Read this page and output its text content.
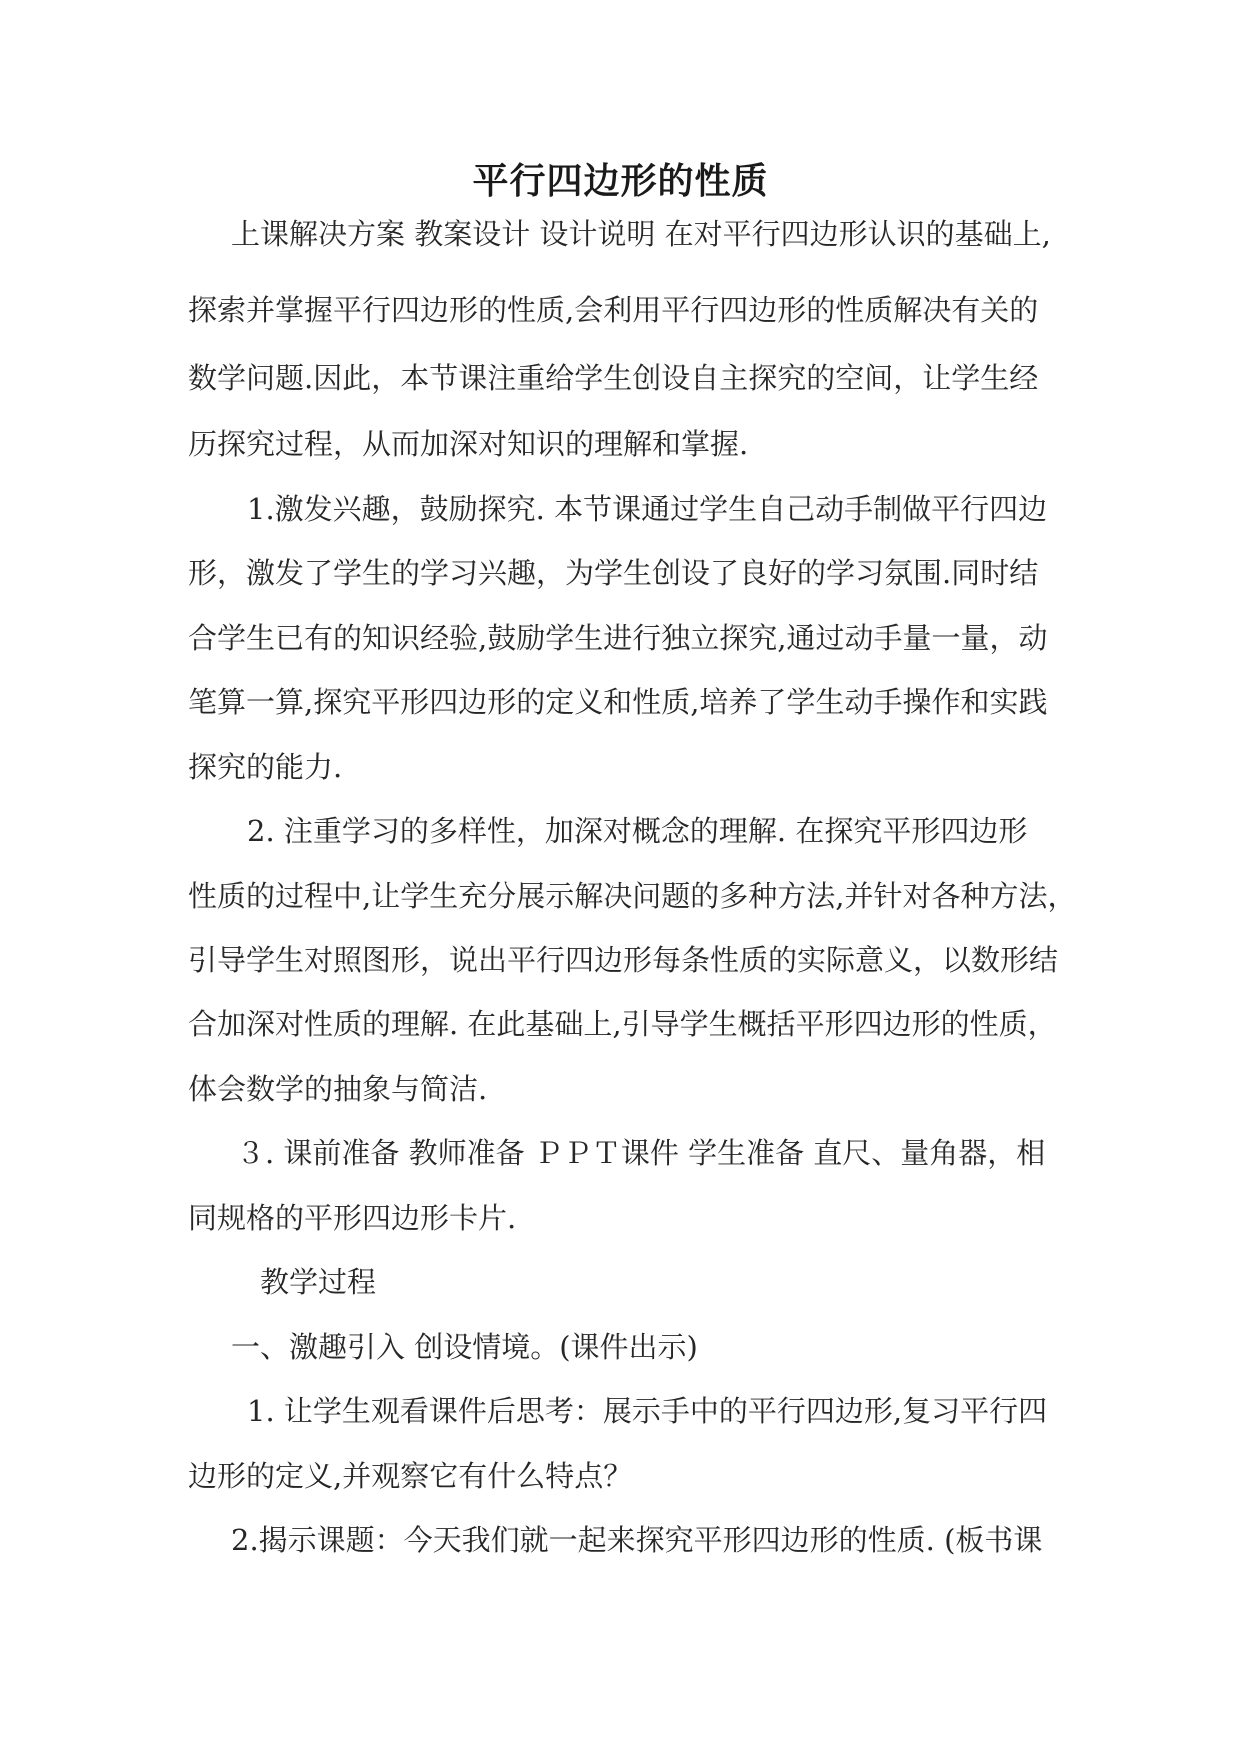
平行四边形的性质
上课解决方案 教案设计 设计说明 在对平行四边形认识的基础上,
探索并掌握平行四边形的性质,会利用平行四边形的性质解决有关的
数学问题.因此，本节课注重给学生创设自主探究的空间，让学生经
历探究过程，从而加深对知识的理解和掌握.
1.激发兴趣，鼓励探究. 本节课通过学生自己动手制做平行四边
形，激发了学生的学习兴趣，为学生创设了良好的学习氛围.同时结
合学生已有的知识经验,鼓励学生进行独立探究,通过动手量一量，动
笔算一算,探究平形四边形的定义和性质,培养了学生动手操作和实践
探究的能力.
2. 注重学习的多样性，加深对概念的理解. 在探究平形四边形
性质的过程中,让学生充分展示解决问题的多种方法,并针对各种方法，
引导学生对照图形，说出平行四边形每条性质的实际意义，以数形结
合加深对性质的理解. 在此基础上,引导学生概括平形四边形的性质，
体会数学的抽象与简洁.
３. 课前准备 教师准备 ＰＰＴ课件 学生准备 直尺、量角器，相
同规格的平形四边形卡片.
教学过程
一、激趣引入 创设情境。(课件出示)
1. 让学生观看课件后思考：展示手中的平行四边形,复习平行四
边形的定义,并观察它有什么特点？
2.揭示课题：今天我们就一起来探究平形四边形的性质. (板书课
